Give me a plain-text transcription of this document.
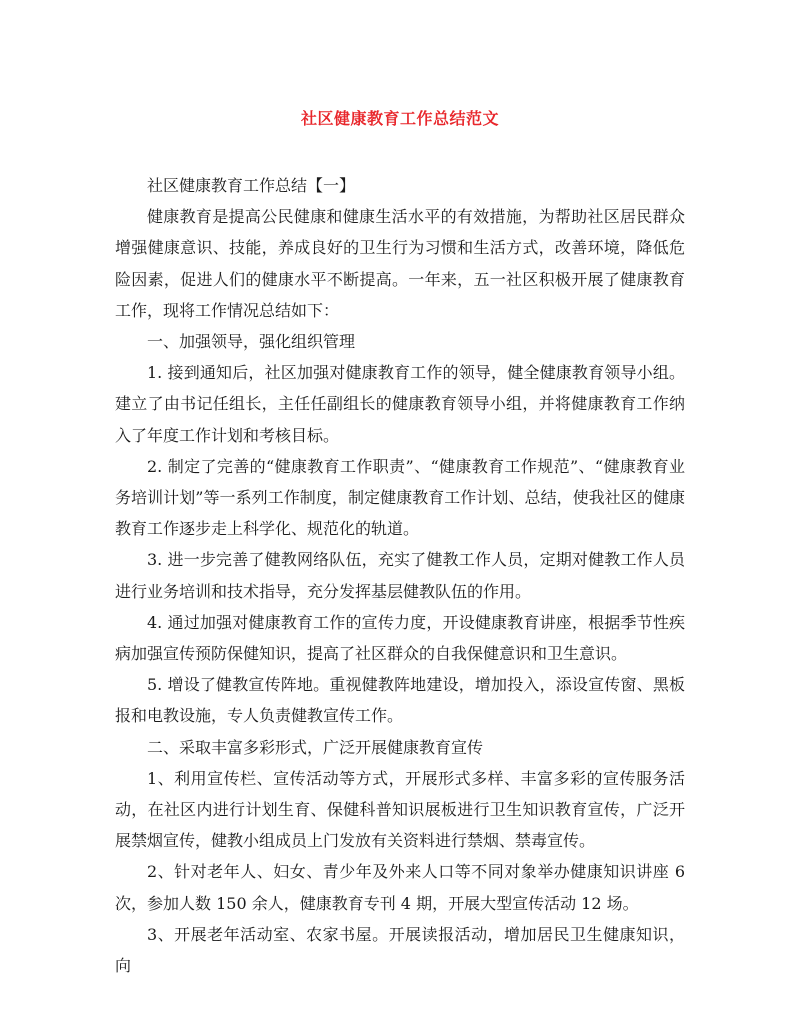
社区健康教育工作总结范文

社区健康教育工作总结【一】

健康教育是提高公民健康和健康生活水平的有效措施，为帮助社区居民群众增强健康意识、技能，养成良好的卫生行为习惯和生活方式，改善环境，降低危险因素，促进人们的健康水平不断提高。一年来，五一社区积极开展了健康教育工作，现将工作情况总结如下：

一、加强领导，强化组织管理

1. 接到通知后，社区加强对健康教育工作的领导，健全健康教育领导小组。建立了由书记任组长，主任任副组长的健康教育领导小组，并将健康教育工作纳入了年度工作计划和考核目标。

2. 制定了完善的“健康教育工作职责”、“健康教育工作规范”、“健康教育业务培训计划”等一系列工作制度，制定健康教育工作计划、总结，使我社区的健康教育工作逐步走上科学化、规范化的轨道。

3. 进一步完善了健教网络队伍，充实了健教工作人员，定期对健教工作人员进行业务培训和技术指导，充分发挥基层健教队伍的作用。

4. 通过加强对健康教育工作的宣传力度，开设健康教育讲座，根据季节性疾病加强宣传预防保健知识，提高了社区群众的自我保健意识和卫生意识。

5. 增设了健教宣传阵地。重视健教阵地建设，增加投入，添设宣传窗、黑板报和电教设施，专人负责健教宣传工作。

二、采取丰富多彩形式，广泛开展健康教育宣传

1、利用宣传栏、宣传活动等方式，开展形式多样、丰富多彩的宣传服务活动，在社区内进行计划生育、保健科普知识展板进行卫生知识教育宣传，广泛开展禁烟宣传，健教小组成员上门发放有关资料进行禁烟、禁毒宣传。

2、针对老年人、妇女、青少年及外来人口等不同对象举办健康知识讲座 6 次，参加人数 150 余人，健康教育专刊 4 期，开展大型宣传活动 12 场。

3、开展老年活动室、农家书屋。开展读报活动，增加居民卫生健康知识，向
